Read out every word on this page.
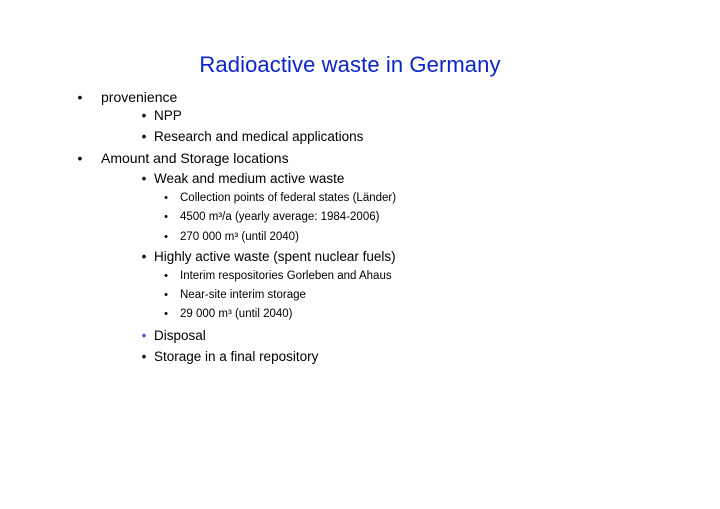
Radioactive waste in Germany
• provenience
• NPP
• Research and medical applications
• Amount and Storage locations
• Weak and medium active waste
• Collection points of federal states (Länder)
• 4500 m³/a (yearly average: 1984-2006)
• 270 000 m³ (until 2040)
• Highly active waste (spent nuclear fuels)
• Interim respositories Gorleben and Ahaus
• Near-site interim storage
• 29 000 m³ (until 2040)
• Disposal
• Storage in a final repository
